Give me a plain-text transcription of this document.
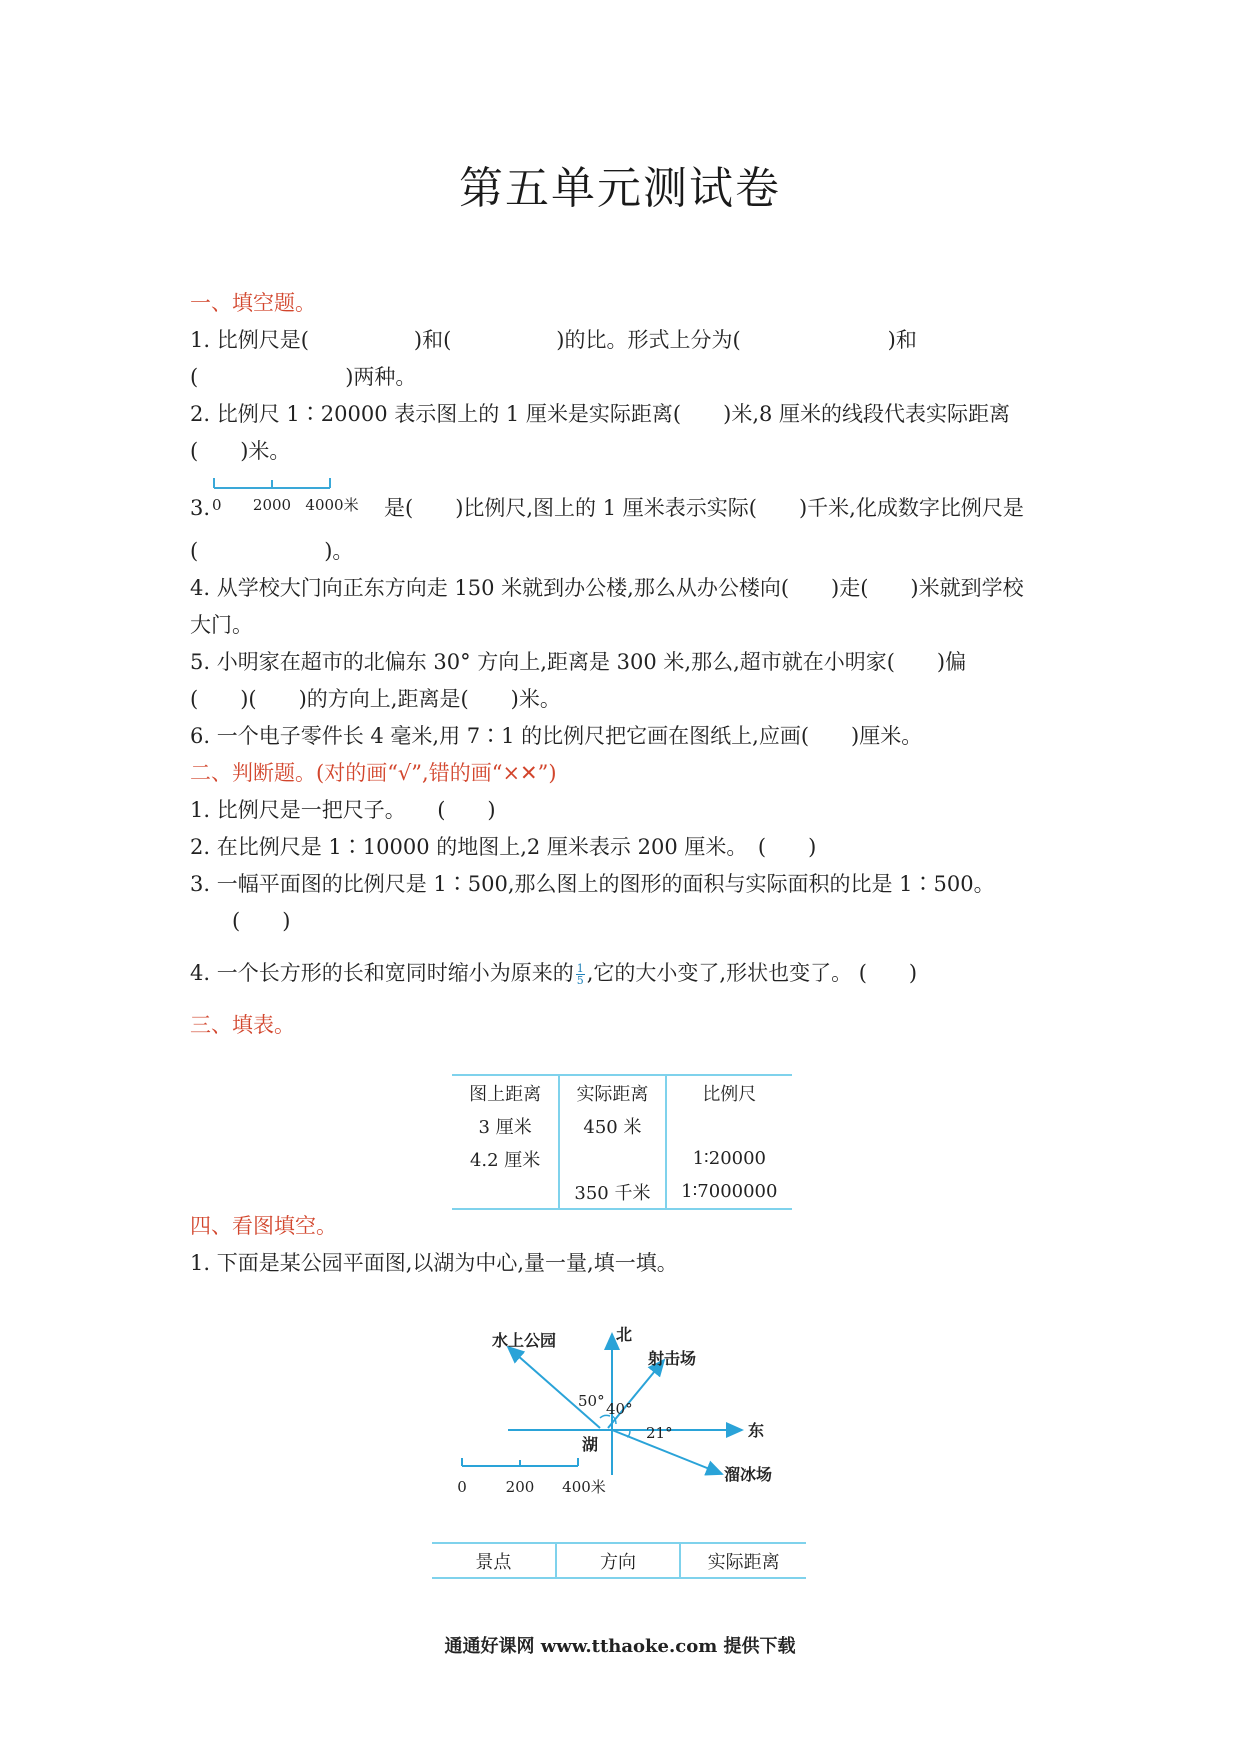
第五单元测试卷
一、填空题。
1. 比例尺是(　　　　　)和(　　　　　)的比。形式上分为(　　　　　　　)和
(　　　　　　　)两种。
2. 比例尺 1∶20000 表示图上的 1 厘米是实际距离(　　)米,8 厘米的线段代表实际距离
(　　)米。
3. 0 2000 4000米 是(　　)比例尺,图上的 1 厘米表示实际(　　)千米,化成数字比例尺是
(　　　　　　)。
4. 从学校大门向正东方向走 150 米就到办公楼,那么从办公楼向(　　)走(　　)米就到学校
大门。
5. 小明家在超市的北偏东 30° 方向上,距离是 300 米,那么,超市就在小明家(　　)偏
(　　)(　　)的方向上,距离是(　　)米。
6. 一个电子零件长 4 毫米,用 7∶1 的比例尺把它画在图纸上,应画(　　)厘米。
二、判断题。(对的画“√”,错的画“×✕”)
1. 比例尺是一把尺子。　　(　　)
2. 在比例尺是 1∶10000 的地图上,2 厘米表示 200 厘米。　(　　)
3. 一幅平面图的比例尺是 1∶500,那么图上的图形的面积与实际面积的比是 1∶500。
(　　)
4. 一个长方形的长和宽同时缩小为原来的 $\frac{1}{5}$ ,它的大小变了,形状也变了。 (　　)
三、填表。
图上距离	实际距离	比例尺
3 厘米	450 米	
4.2 厘米		1∶20000
	350 千米	1∶7000000
四、看图填空。
1. 下面是某公园平面图,以湖为中心,量一量,填一填。
北
东
湖
水上公园
射击场
溜冰场
50° 40°
21°
0	200 400米
景点	方向	实际距离
通通好课网 www.tthaoke.com 提供下载
